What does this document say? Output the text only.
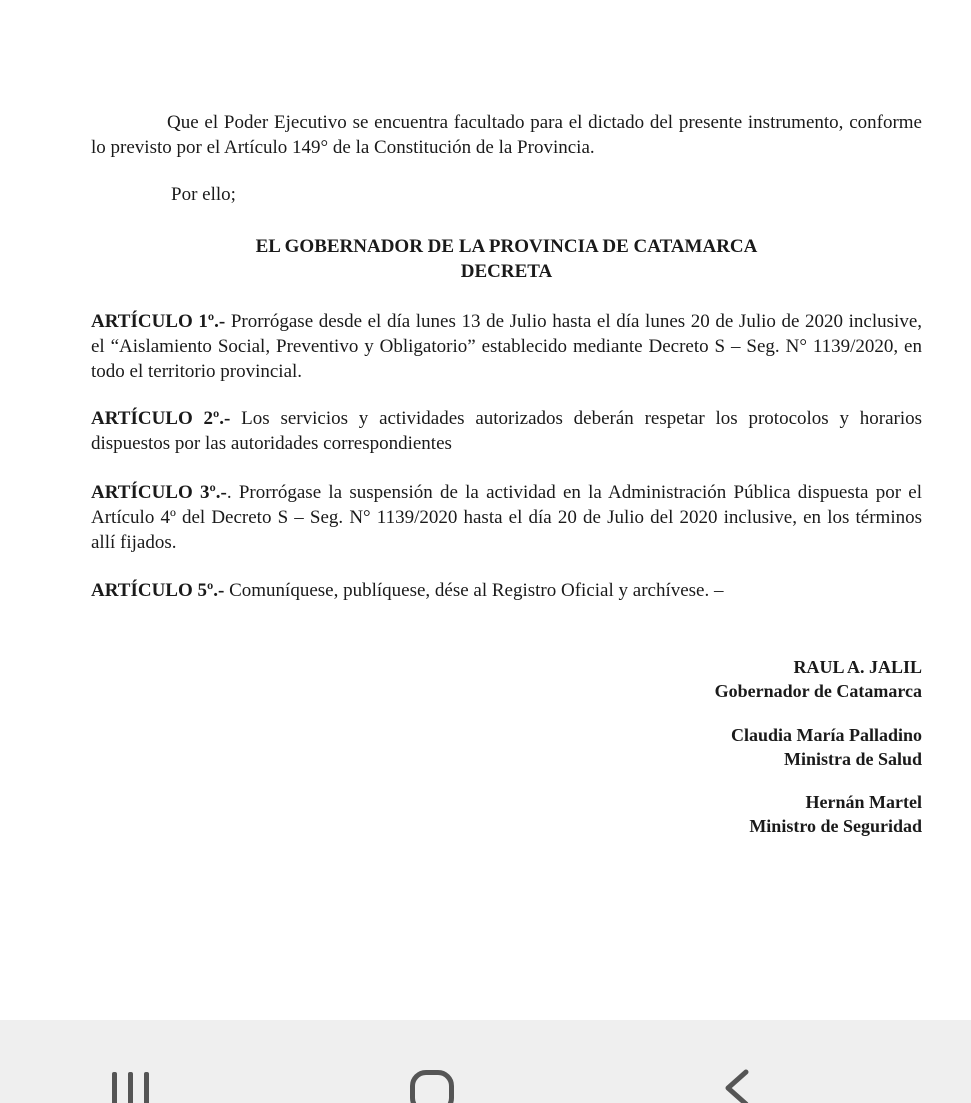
Que el Poder Ejecutivo se encuentra facultado para el dictado del presente instrumento, conforme lo previsto por el Artículo 149° de la Constitución de la Provincia.

Por ello;

EL GOBERNADOR DE LA PROVINCIA DE CATAMARCA
DECRETA

ARTÍCULO 1º.- Prorrógase desde el día lunes 13 de Julio hasta el día lunes 20 de Julio de 2020 inclusive, el “Aislamiento Social, Preventivo y Obligatorio” establecido mediante Decreto S – Seg. N° 1139/2020, en todo el territorio provincial.

ARTÍCULO 2º.- Los servicios y actividades autorizados deberán respetar los protocolos y horarios dispuestos por las autoridades correspondientes

ARTÍCULO 3º.-. Prorrógase la suspensión de la actividad en la Administración Pública dispuesta por el Artículo 4º del Decreto S – Seg. N° 1139/2020 hasta el día 20 de Julio del 2020 inclusive, en los términos allí fijados.

ARTÍCULO 5º.- Comuníquese, publíquese, dése al Registro Oficial y archívese. –

RAUL A. JALIL
Gobernador de Catamarca
Claudia María Palladino
Ministra de Salud
Hernán Martel
Ministro de Seguridad
